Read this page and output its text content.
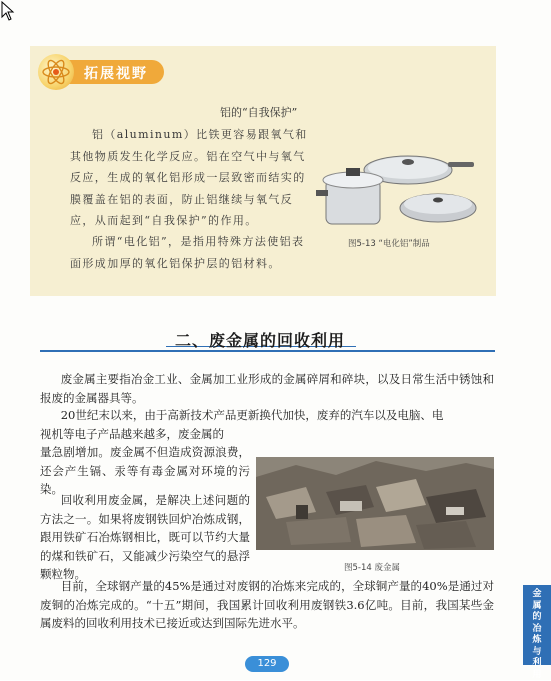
拓展视野
铝的“自我保护”

铝（aluminum）比铁更容易跟氧气和其他物质发生化学反应。铝在空气中与氧气反应，生成的氧化铝形成一层致密而结实的膜覆盖在铝的表面，防止铝继续与氧气反应，从而起到“自我保护”的作用。

所谓“电化铝”，是指用特殊方法使铝表面形成加厚的氧化铝保护层的铝材料。

图5-13 “电化铝”制品
二、废金属的回收利用

废金属主要指冶金工业、金属加工业形成的金属碎屑和碎块，以及日常生活中锈蚀和报废的金属器具等。

20世纪末以来，由于高新技术产品更新换代加快，废弃的汽车以及电脑、电

视机等电子产品越来越多，废金属的

量急剧增加。废金属不但造成资源浪费，还会产生镉、汞等有毒金属对环境的污染。

回收利用废金属，是解决上述问题的方法之一。如果将废钢铁回炉冶炼成钢，跟用铁矿石冶炼钢相比，既可以节约大量的煤和铁矿石，又能减少污染空气的悬浮颗粒物。

目前，全球钢产量的45%是通过对废钢的冶炼来完成的，全球铜产量的40%是通过对废铜的冶炼完成的。“十五”期间，我国累计回收利用废钢铁3.6亿吨。目前，我国某些金属废料的回收利用技术已接近或达到国际先进水平。

图5-14 废金属
金
属
的
冶
炼
与
利
用
129
